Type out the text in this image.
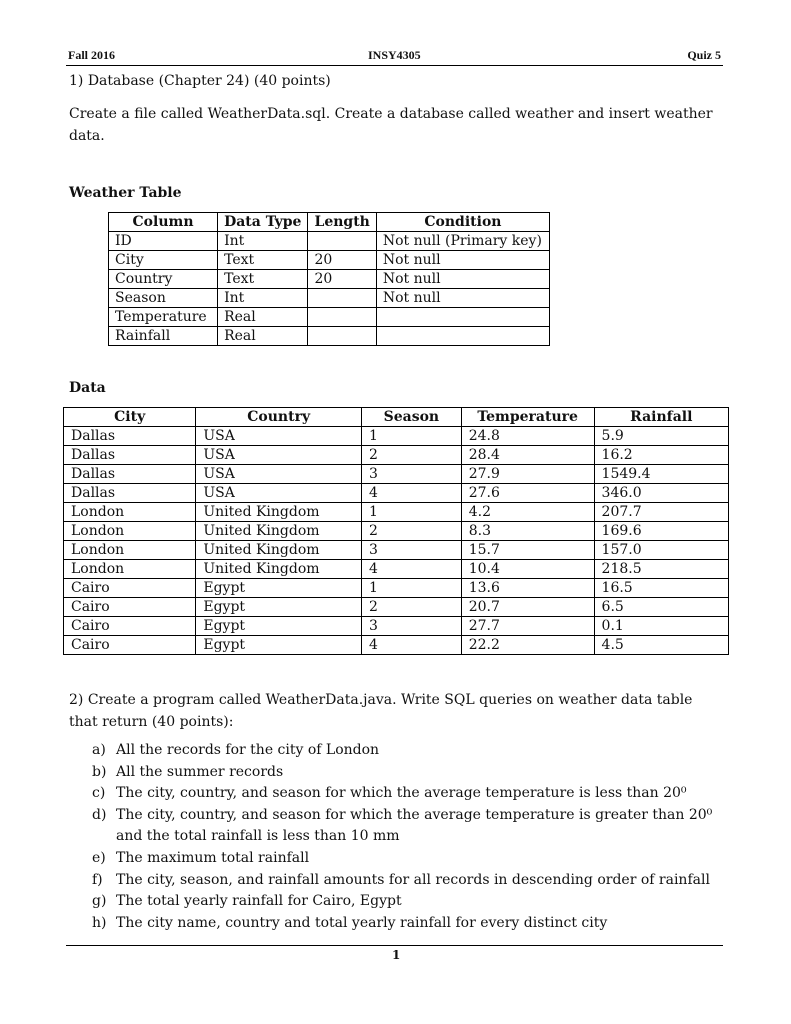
Fall 2016	INSY4305	Quiz 5
1) Database (Chapter 24) (40 points)
Create a file called WeatherData.sql. Create a database called weather and insert weather data.
Weather Table
Column	Data Type	Length	Condition
ID	Int		Not null (Primary key)
City	Text	20	Not null
Country	Text	20	Not null
Season	Int		Not null
Temperature	Real		
Rainfall	Real		
Data
City	Country	Season	Temperature	Rainfall
Dallas	USA	1	24.8	5.9
Dallas	USA	2	28.4	16.2
Dallas	USA	3	27.9	1549.4
Dallas	USA	4	27.6	346.0
London	United Kingdom	1	4.2	207.7
London	United Kingdom	2	8.3	169.6
London	United Kingdom	3	15.7	157.0
London	United Kingdom	4	10.4	218.5
Cairo	Egypt	1	13.6	16.5
Cairo	Egypt	2	20.7	6.5
Cairo	Egypt	3	27.7	0.1
Cairo	Egypt	4	22.2	4.5
2) Create a program called WeatherData.java. Write SQL queries on weather data table that return (40 points):
a) All the records for the city of London
b) All the summer records
c) The city, country, and season for which the average temperature is less than 20⁰
d) The city, country, and season for which the average temperature is greater than 20⁰ and the total rainfall is less than 10 mm
e) The maximum total rainfall
f) The city, season, and rainfall amounts for all records in descending order of rainfall
g) The total yearly rainfall for Cairo, Egypt
h) The city name, country and total yearly rainfall for every distinct city
1
